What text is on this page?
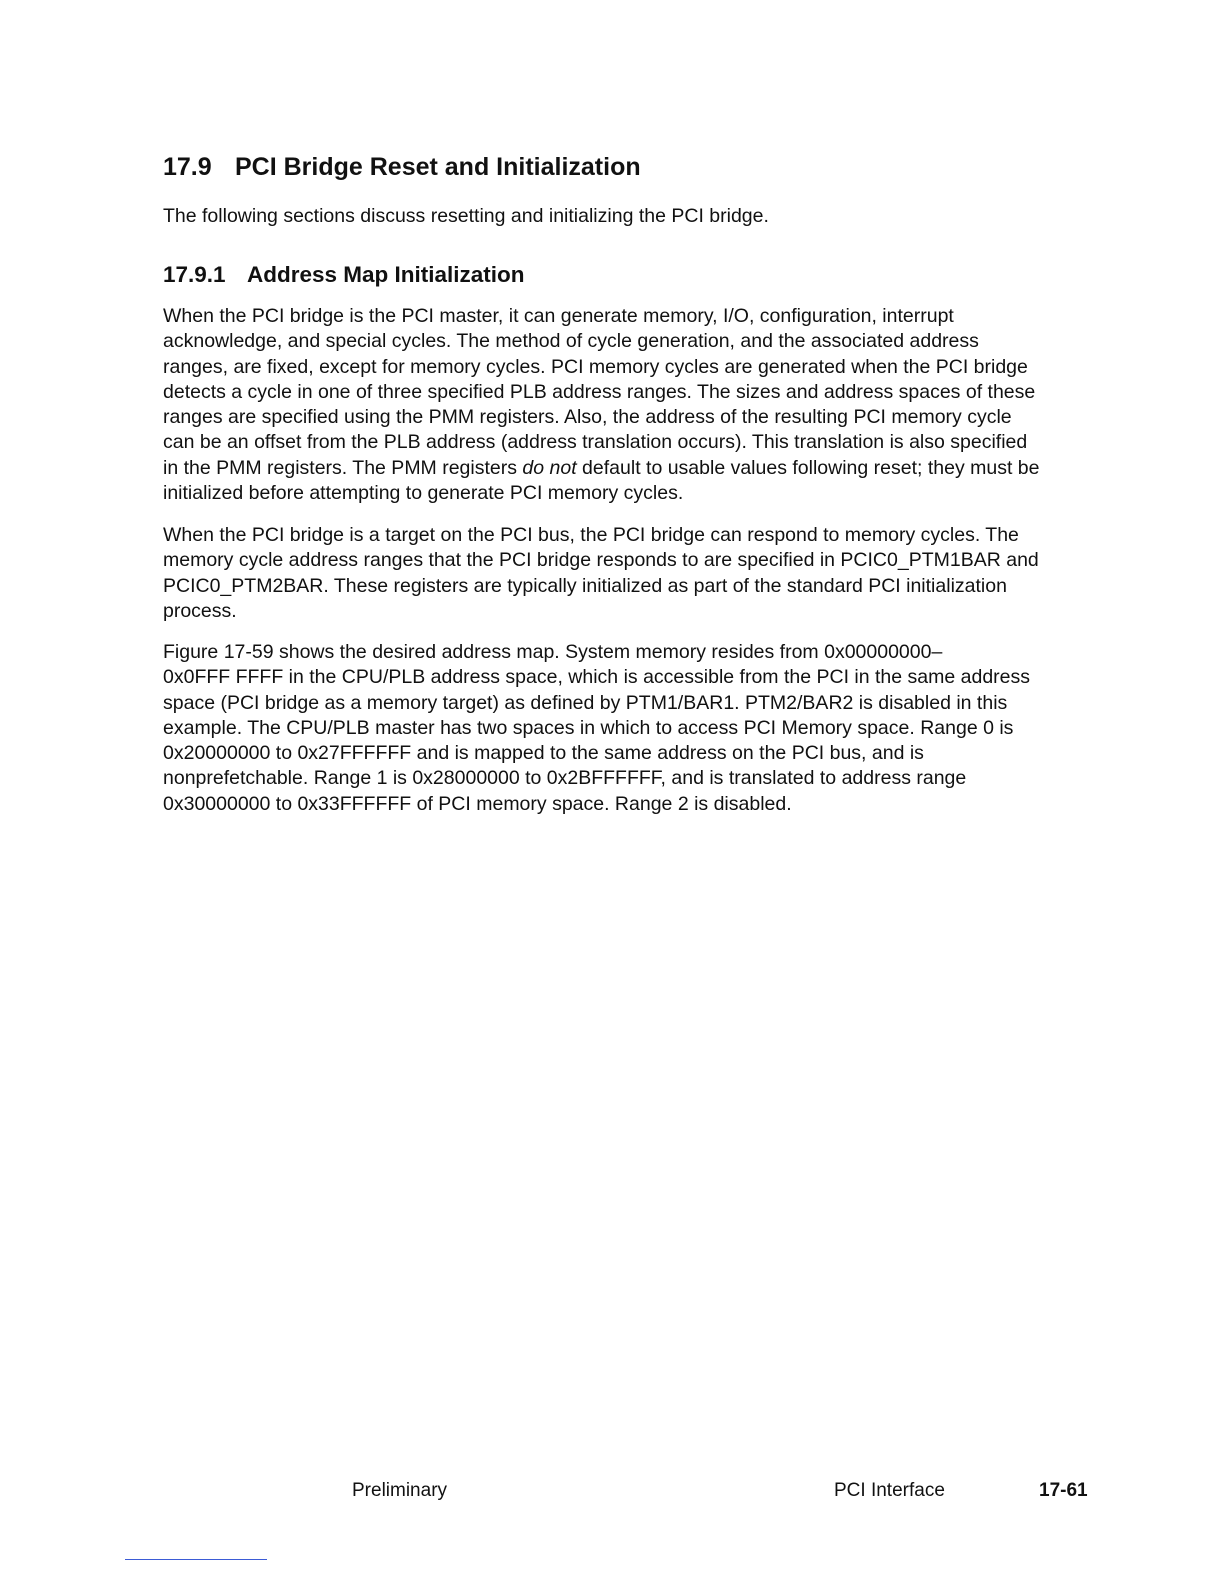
17.9 PCI Bridge Reset and Initialization

The following sections discuss resetting and initializing the PCI bridge.

17.9.1 Address Map Initialization

When the PCI bridge is the PCI master, it can generate memory, I/O, configuration, interrupt
acknowledge, and special cycles. The method of cycle generation, and the associated address
ranges, are fixed, except for memory cycles. PCI memory cycles are generated when the PCI bridge
detects a cycle in one of three specified PLB address ranges. The sizes and address spaces of these
ranges are specified using the PMM registers. Also, the address of the resulting PCI memory cycle
can be an offset from the PLB address (address translation occurs). This translation is also specified
in the PMM registers. The PMM registers do not default to usable values following reset; they must be
initialized before attempting to generate PCI memory cycles.

When the PCI bridge is a target on the PCI bus, the PCI bridge can respond to memory cycles. The
memory cycle address ranges that the PCI bridge responds to are specified in PCIC0_PTM1BAR and
PCIC0_PTM2BAR. These registers are typically initialized as part of the standard PCI initialization
process.

Figure 17-59 shows the desired address map. System memory resides from 0x00000000–
0x0FFF FFFF in the CPU/PLB address space, which is accessible from the PCI in the same address
space (PCI bridge as a memory target) as defined by PTM1/BAR1. PTM2/BAR2 is disabled in this
example. The CPU/PLB master has two spaces in which to access PCI Memory space. Range 0 is
0x20000000 to 0x27FFFFFF and is mapped to the same address on the PCI bus, and is
nonprefetchable. Range 1 is 0x28000000 to 0x2BFFFFFF, and is translated to address range
0x30000000 to 0x33FFFFFF of PCI memory space. Range 2 is disabled.

Preliminary	PCI Interface	17-61
